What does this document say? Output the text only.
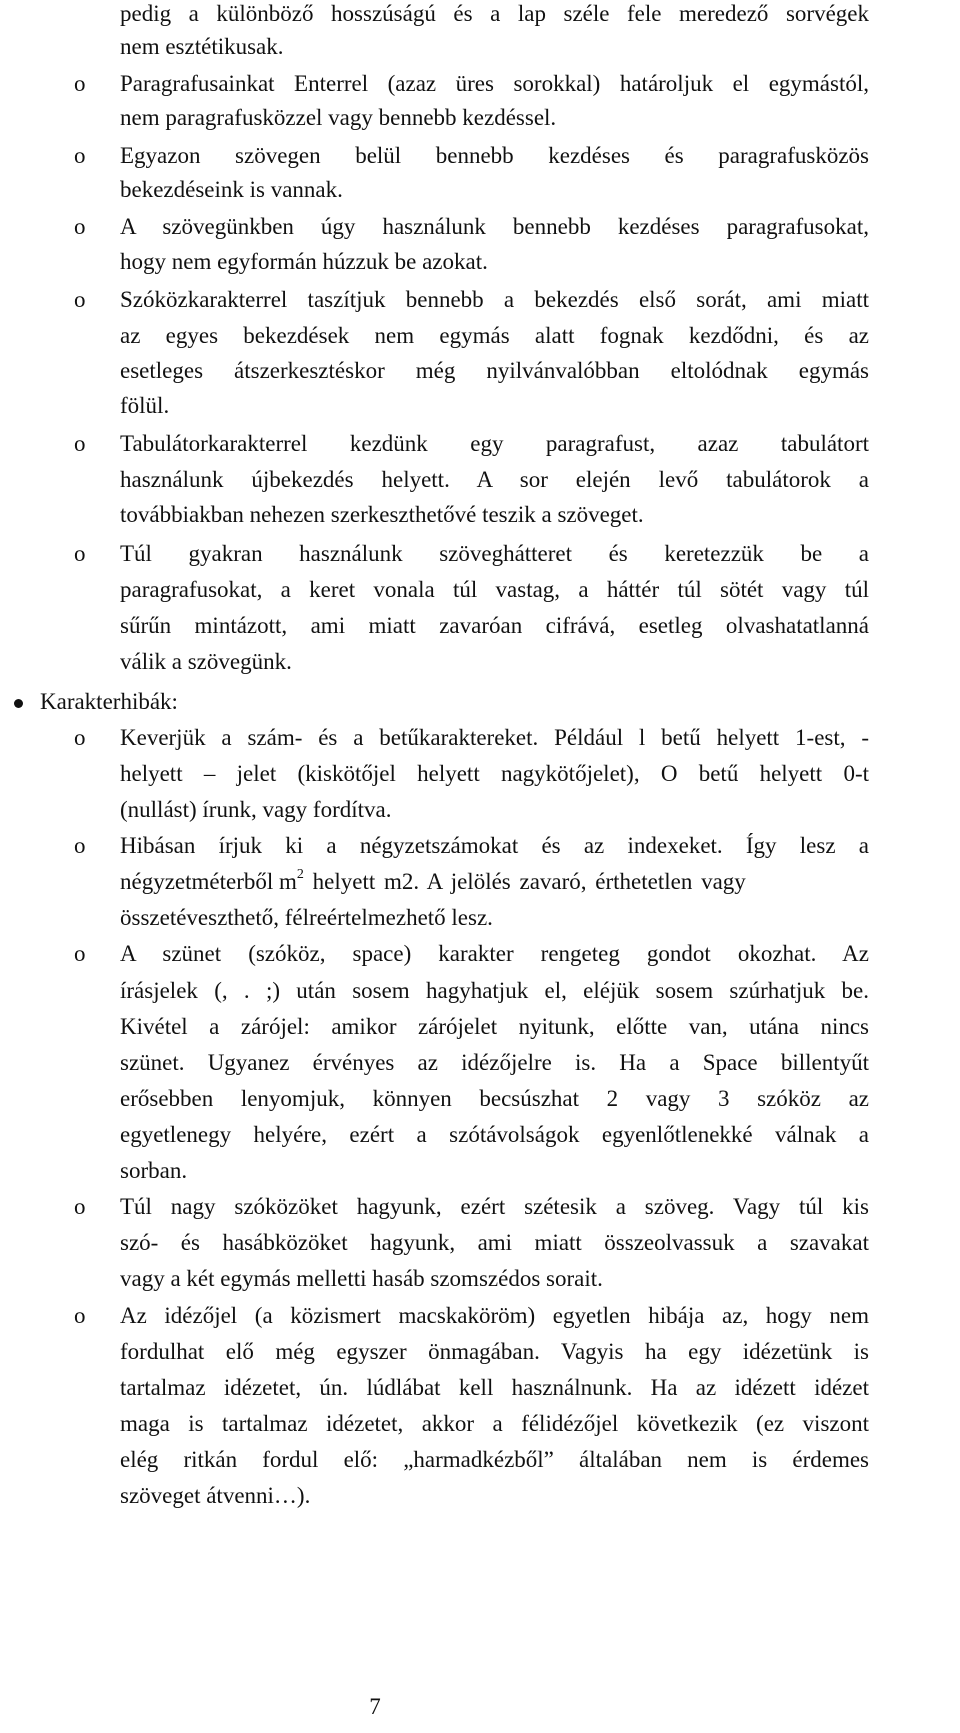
pedig a különböző hosszúságú és a lap széle fele meredező sorvégek
nem esztétikusak.
o	Paragrafusainkat Enterrel (azaz üres sorokkal) határoljuk el egymástól,
nem paragrafusközzel vagy bennebb kezdéssel.
o	Egyazon szövegen belül bennebb kezdéses és paragrafusközös
bekezdéseink is vannak.
o	A szövegünkben úgy használunk bennebb kezdéses paragrafusokat,
hogy nem egyformán húzzuk be azokat.
o	Szóközkarakterrel taszítjuk bennebb a bekezdés első sorát, ami miatt
az egyes bekezdések nem egymás alatt fognak kezdődni, és az
esetleges átszerkesztéskor még nyilvánvalóbban eltolódnak egymás
fölül.
o	Tabulátorkarakterrel kezdünk egy paragrafust, azaz tabulátort
használunk újbekezdés helyett. A sor elején levő tabulátorok a
továbbiakban nehezen szerkeszthetővé teszik a szöveget.
o	Túl gyakran használunk szöveghátteret és keretezzük be a
paragrafusokat, a keret vonala túl vastag, a háttér túl sötét vagy túl
sűrűn mintázott, ami miatt zavaróan cifrává, esetleg olvashatatlanná
válik a szövegünk.
Karakterhibák:
o	Keverjük a szám- és a betűkaraktereket. Például l betű helyett 1-est, -
helyett – jelet (kiskötőjel helyett nagykötőjelet), O betű helyett 0-t
(nullást) írunk, vagy fordítva.
o	Hibásan írjuk ki a négyzetszámokat és az indexeket. Így lesz a
négyzetméterből $m^2$ helyett m2. A jelölés zavaró, érthetetlen vagy
összetéveszthető, félreértelmezhető lesz.
o	A szünet (szóköz, space) karakter rengeteg gondot okozhat. Az
írásjelek (, . ;) után sosem hagyhatjuk el, eléjük sosem szúrhatjuk be.
Kivétel a zárójel: amikor zárójelet nyitunk, előtte van, utána nincs
szünet. Ugyanez érvényes az idézőjelre is. Ha a Space billentyűt
erősebben lenyomjuk, könnyen becsúszhat 2 vagy 3 szóköz az
egyetlenegy helyére, ezért a szótávolságok egyenlőtlenekké válnak a
sorban.
o	Túl nagy szóközöket hagyunk, ezért szétesik a szöveg. Vagy túl kis
szó- és hasábközöket hagyunk, ami miatt összeolvassuk a szavakat
vagy a két egymás melletti hasáb szomszédos sorait.
o	Az idézőjel (a közismert macskaköröm) egyetlen hibája az, hogy nem
fordulhat elő még egyszer önmagában. Vagyis ha egy idézetünk is
tartalmaz idézetet, ún. lúdlábat kell használnunk. Ha az idézett idézet
maga is tartalmaz idézetet, akkor a félidézőjel következik (ez viszont
elég ritkán fordul elő: „harmadkézből” általában nem is érdemes
szöveget átvenni…).
7
